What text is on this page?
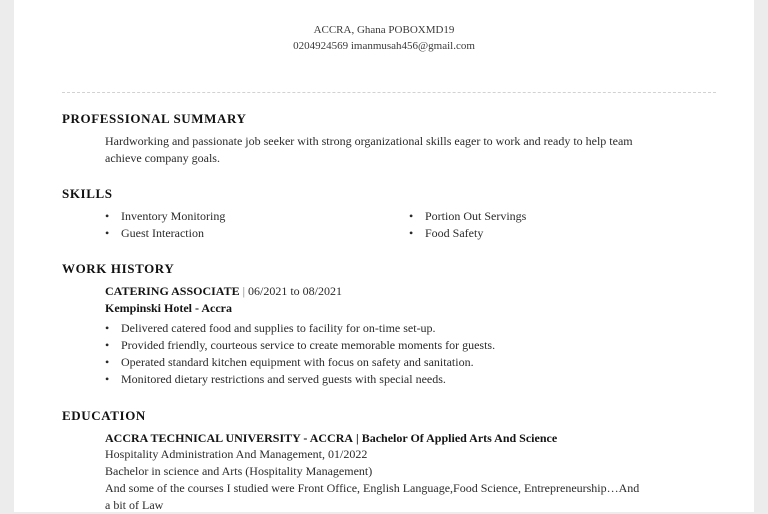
ACCRA, Ghana POBOXMD19
0204924569 imanmusah456@gmail.com
PROFESSIONAL SUMMARY
Hardworking and passionate job seeker with strong organizational skills eager to work and ready to help team
achieve company goals.
SKILLS
• Inventory Monitoring
• Guest Interaction
• Portion Out Servings
• Food Safety
WORK HISTORY
CATERING ASSOCIATE | 06/2021 to 08/2021
Kempinski Hotel - Accra
• Delivered catered food and supplies to facility for on-time set-up.
• Provided friendly, courteous service to create memorable moments for guests.
• Operated standard kitchen equipment with focus on safety and sanitation.
• Monitored dietary restrictions and served guests with special needs.
EDUCATION
ACCRA TECHNICAL UNIVERSITY - ACCRA | Bachelor Of Applied Arts And Science
Hospitality Administration And Management, 01/2022
Bachelor in science and Arts (Hospitality Management)
And some of the courses I studied were Front Office, English Language,Food Science, Entrepreneurship…And
a bit of Law
